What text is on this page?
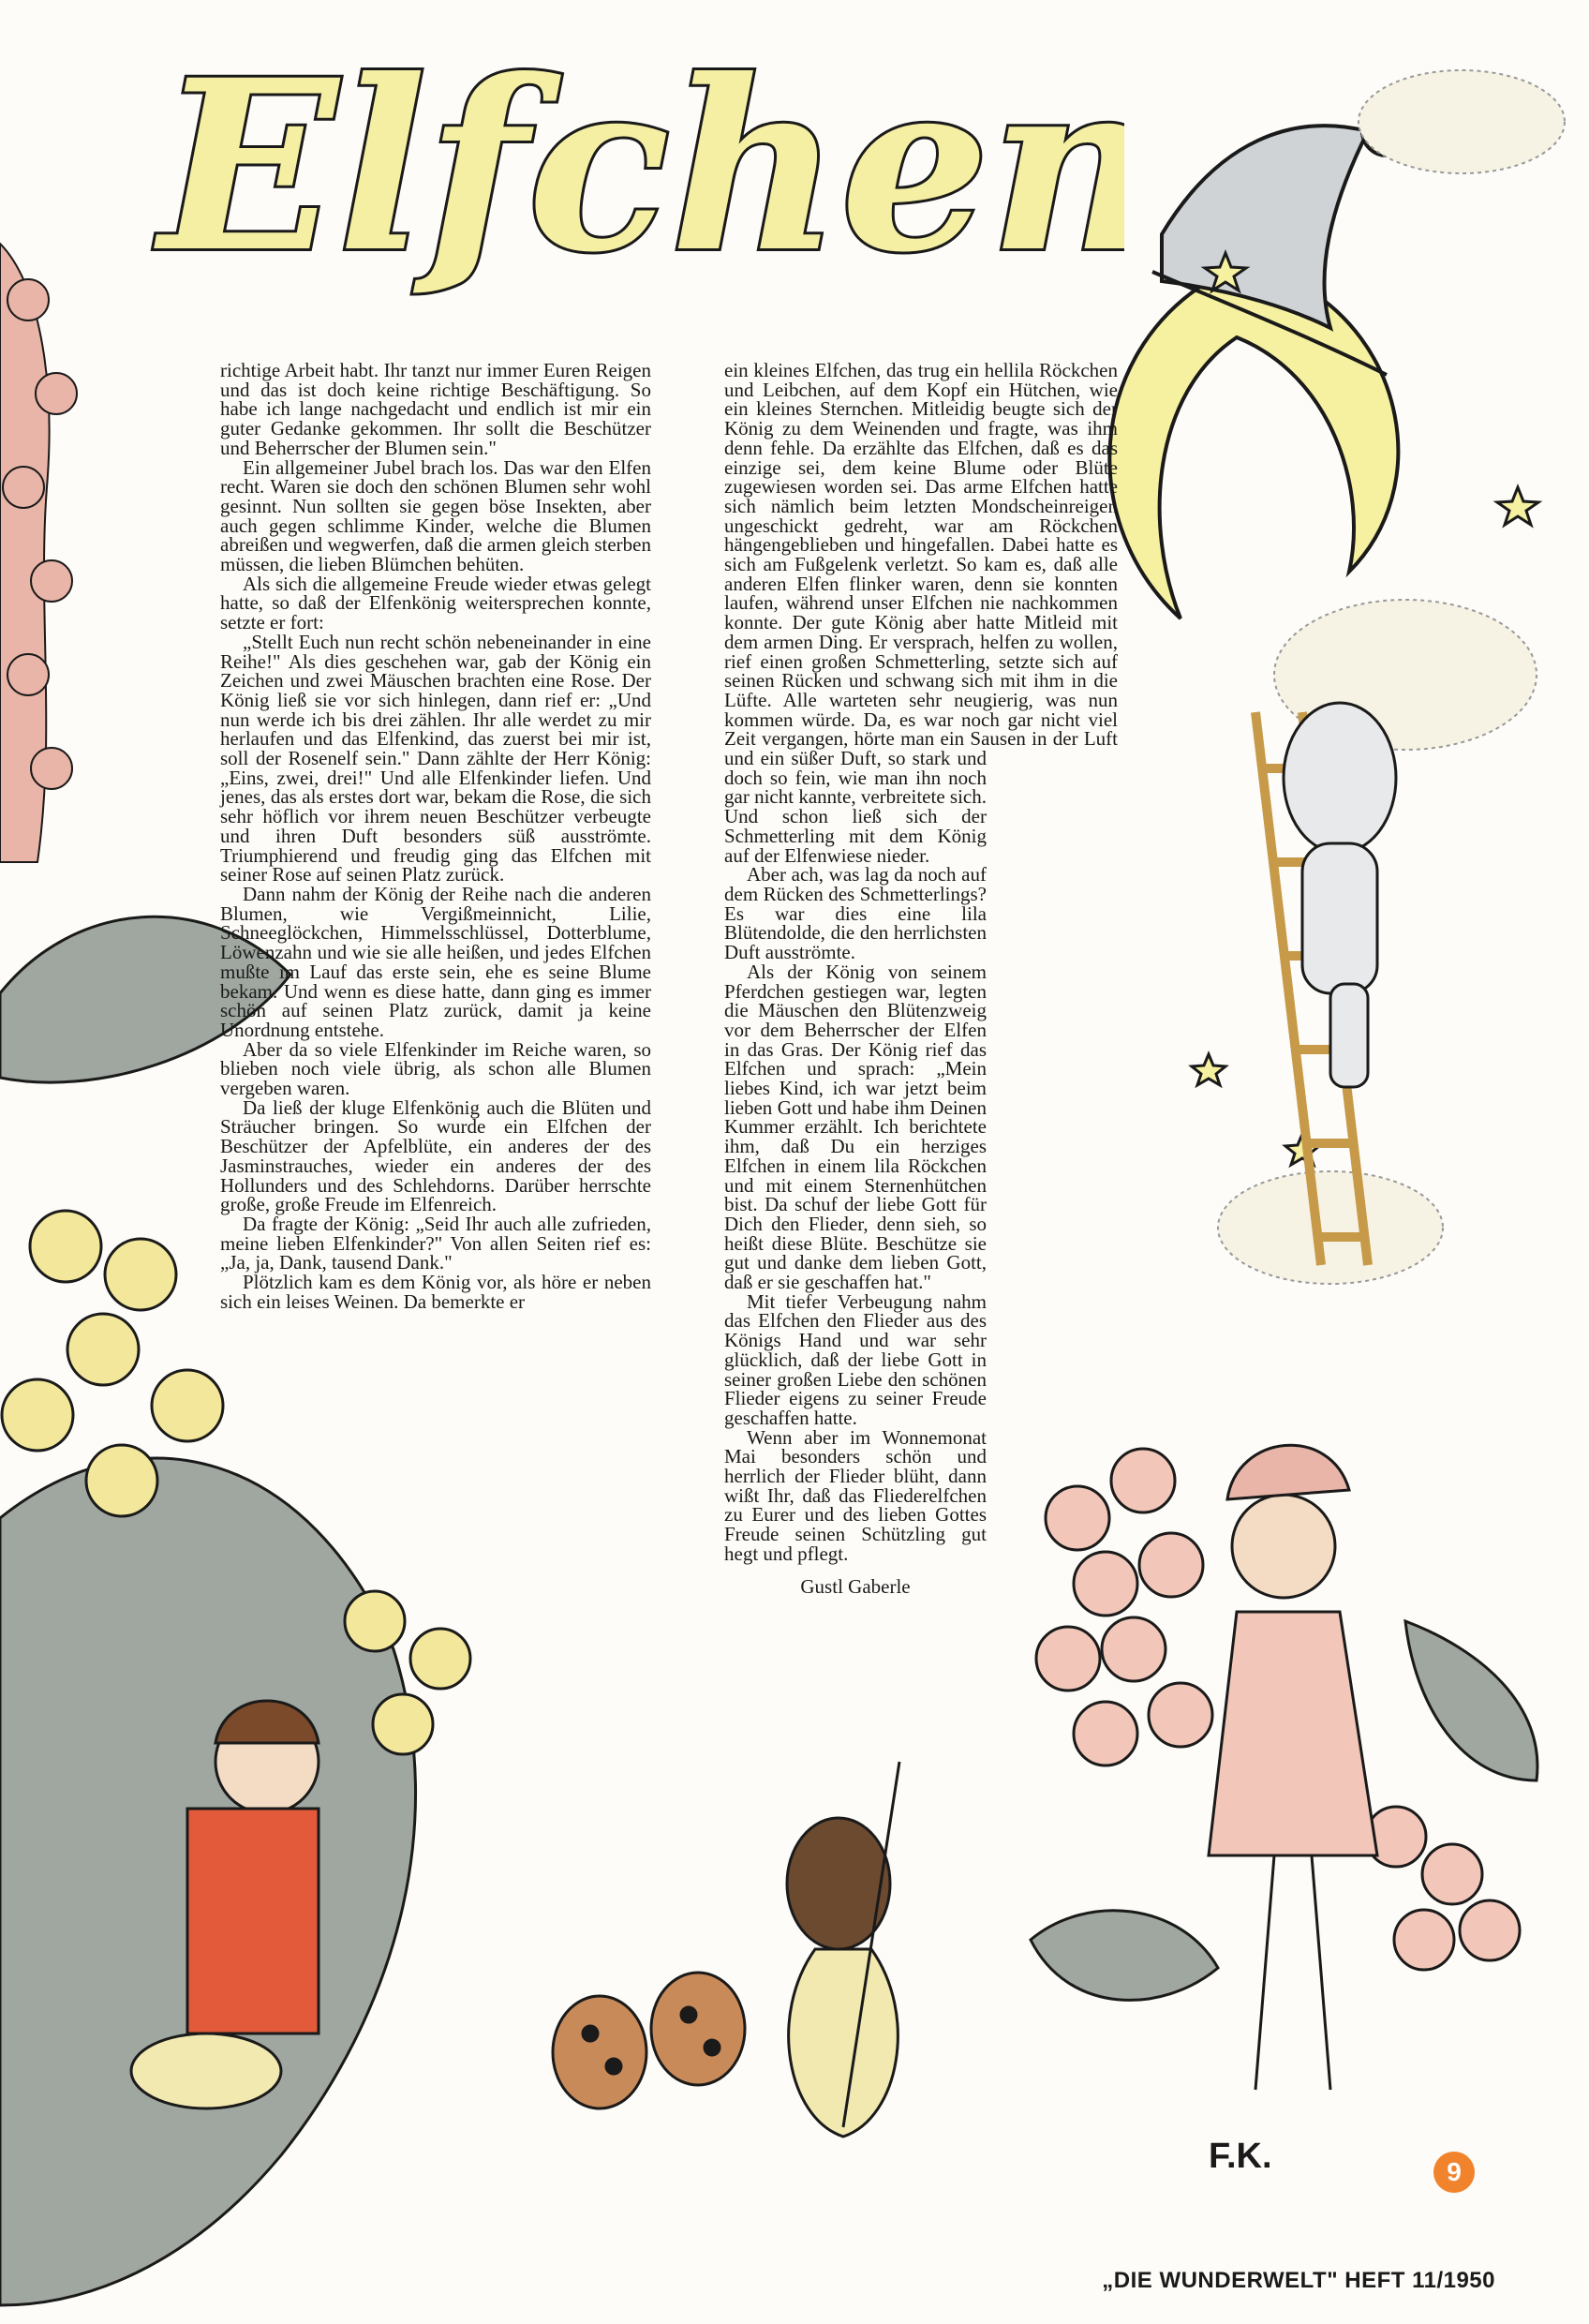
Elfchen

richtige Arbeit habt. Ihr tanzt nur immer Euren Reigen und das ist doch keine richtige Beschäftigung. So habe ich lange nachgedacht und endlich ist mir ein guter Gedanke gekommen. Ihr sollt die Beschützer und Beherrscher der Blumen sein."

Ein allgemeiner Jubel brach los. Das war den Elfen recht. Waren sie doch den schönen Blumen sehr wohl gesinnt. Nun sollten sie gegen böse Insekten, aber auch gegen schlimme Kinder, welche die Blumen abreißen und wegwerfen, daß die armen gleich sterben müssen, die lieben Blümchen behüten.

Als sich die allgemeine Freude wieder etwas gelegt hatte, so daß der Elfenkönig weitersprechen konnte, setzte er fort:

„Stellt Euch nun recht schön nebeneinander in eine Reihe!" Als dies geschehen war, gab der König ein Zeichen und zwei Mäuschen brachten eine Rose. Der König ließ sie vor sich hinlegen, dann rief er: „Und nun werde ich bis drei zählen. Ihr alle werdet zu mir herlaufen und das Elfenkind, das zuerst bei mir ist, soll der Rosenelf sein." Dann zählte der Herr König: „Eins, zwei, drei!" Und alle Elfenkinder liefen. Und jenes, das als erstes dort war, bekam die Rose, die sich sehr höflich vor ihrem neuen Beschützer verbeugte und ihren Duft besonders süß ausströmte. Triumphierend und freudig ging das Elfchen mit seiner Rose auf seinen Platz zurück.

Dann nahm der König der Reihe nach die anderen Blumen, wie Vergißmeinnicht, Lilie, Schneeglöckchen, Himmelsschlüssel, Dotterblume, Löwenzahn und wie sie alle heißen, und jedes Elfchen mußte im Lauf das erste sein, ehe es seine Blume bekam. Und wenn es diese hatte, dann ging es immer schön auf seinen Platz zurück, damit ja keine Unordnung entstehe.

Aber da so viele Elfenkinder im Reiche waren, so blieben noch viele übrig, als schon alle Blumen vergeben waren.

Da ließ der kluge Elfenkönig auch die Blüten und Sträucher bringen. So wurde ein Elfchen der Beschützer der Apfelblüte, ein anderes der des Jasminstrauches, wieder ein anderes der des Hollunders und des Schlehdorns. Darüber herrschte große, große Freude im Elfenreich.

Da fragte der König: „Seid Ihr auch alle zufrieden, meine lieben Elfenkinder?" Von allen Seiten rief es: „Ja, ja, Dank, tausend Dank."

Plötzlich kam es dem König vor, als höre er neben sich ein leises Weinen. Da bemerkte er

ein kleines Elfchen, das trug ein hellila Röckchen und Leibchen, auf dem Kopf ein Hütchen, wie ein kleines Sternchen. Mitleidig beugte sich der König zu dem Weinenden und fragte, was ihm denn fehle. Da erzählte das Elfchen, daß es das einzige sei, dem keine Blume oder Blüte zugewiesen worden sei. Das arme Elfchen hatte sich nämlich beim letzten Mondscheinreigen ungeschickt gedreht, war am Röckchen hängengeblieben und hingefallen. Dabei hatte es sich am Fußgelenk verletzt. So kam es, daß alle anderen Elfen flinker waren, denn sie konnten laufen, während unser Elfchen nie nachkommen konnte. Der gute König aber hatte Mitleid mit dem armen Ding. Er versprach, helfen zu wollen, rief einen großen Schmetterling, setzte sich auf seinen Rücken und schwang sich mit ihm in die Lüfte. Alle warteten sehr neugierig, was nun kommen würde. Da, es war noch gar nicht viel Zeit vergangen, hörte man ein Sausen in der Luft und ein süßer Duft, so stark und doch so fein, wie man ihn noch gar nicht kannte, verbreitete sich. Und schon ließ sich der Schmetterling mit dem König auf der Elfenwiese nieder.

Aber ach, was lag da noch auf dem Rücken des Schmetterlings? Es war dies eine lila Blütendolde, die den herrlichsten Duft ausströmte.

Als der König von seinem Pferdchen gestiegen war, legten die Mäuschen den Blütenzweig vor dem Beherrscher der Elfen in das Gras. Der König rief das Elfchen und sprach: „Mein liebes Kind, ich war jetzt beim lieben Gott und habe ihm Deinen Kummer erzählt. Ich berichtete ihm, daß Du ein herziges Elfchen in einem lila Röckchen und mit einem Sternenhütchen bist. Da schuf der liebe Gott für Dich den Flieder, denn sieh, so heißt diese Blüte. Beschütze sie gut und danke dem lieben Gott, daß er sie geschaffen hat."

Mit tiefer Verbeugung nahm das Elfchen den Flieder aus des Königs Hand und war sehr glücklich, daß der liebe Gott in seiner großen Liebe den schönen Flieder eigens zu seiner Freude geschaffen hatte.

Wenn aber im Wonnemonat Mai besonders schön und herrlich der Flieder blüht, dann wißt Ihr, daß das Fliederelfchen zu Eurer und des lieben Gottes Freude seinen Schützling gut hegt und pflegt.

Gustl Gaberle
F.K.	9
„DIE WUNDERWELT" HEFT 11/1950
